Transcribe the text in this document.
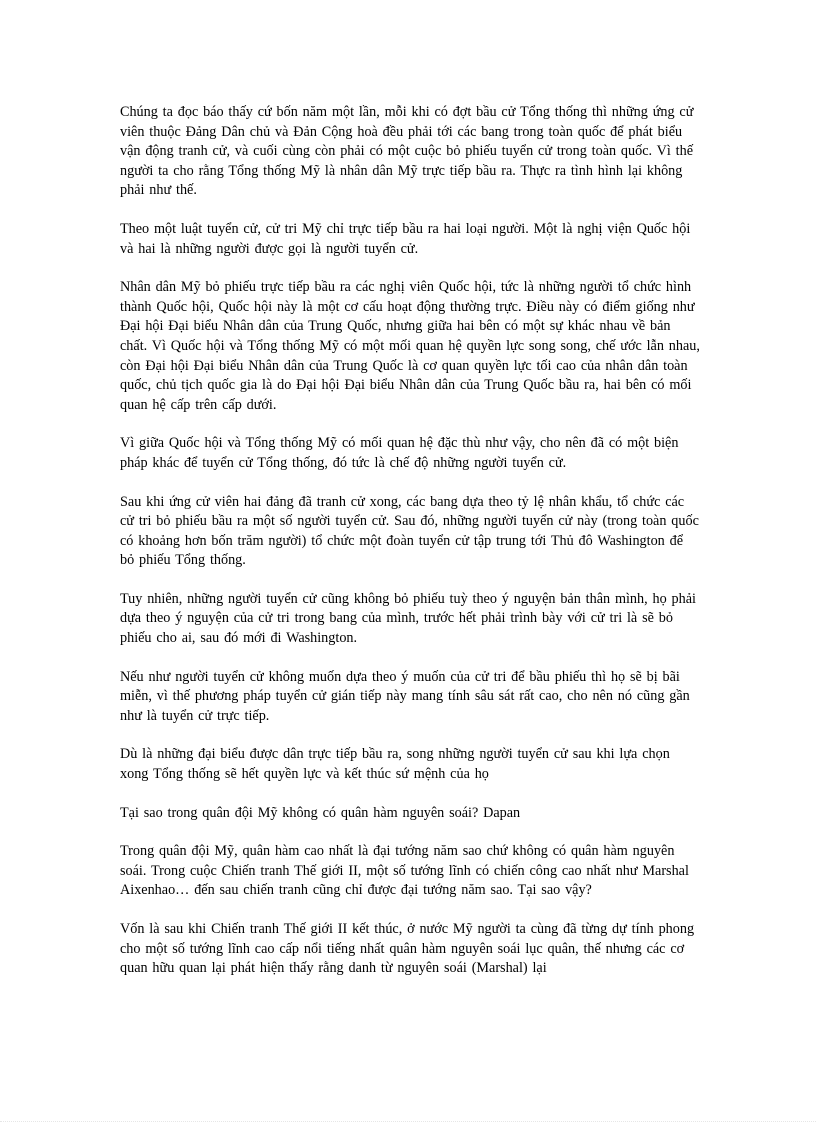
Chúng ta đọc báo thấy cứ bốn năm một lần, mỗi khi có đợt bầu cử Tổng thống thì những ứng cử viên thuộc Đảng Dân chủ và Đản Cộng hoà đều phải tới các bang trong toàn quốc để phát biểu vận động tranh cử, và cuối cùng còn phải có một cuộc bỏ phiếu tuyển cử trong toàn quốc. Vì thế người ta cho rằng Tổng thống Mỹ là nhân dân Mỹ trực tiếp bầu ra. Thực ra tình hình lại không phải như thế.

Theo một luật tuyển cử, cử tri Mỹ chỉ trực tiếp bầu ra hai loại người. Một là nghị viện Quốc hội và hai là những người được gọi là người tuyển cử.

Nhân dân Mỹ bỏ phiếu trực tiếp bầu ra các nghị viên Quốc hội, tức là những người tổ chức hình thành Quốc hội, Quốc hội này là một cơ cấu hoạt động thường trực. Điều này có điểm giống như Đại hội Đại biểu Nhân dân của Trung Quốc, nhưng giữa hai bên có một sự khác nhau về bản chất. Vì Quốc hội và Tổng thống Mỹ có một mối quan hệ quyền lực song song, chế ước lẫn nhau, còn Đại hội Đại biểu Nhân dân của Trung Quốc là cơ quan quyền lực tối cao của nhân dân toàn quốc, chủ tịch quốc gia là do Đại hội Đại biểu Nhân dân của Trung Quốc bầu ra, hai bên có mối quan hệ cấp trên cấp dưới.

Vì giữa Quốc hội và Tổng thống Mỹ có mối quan hệ đặc thù như vậy, cho nên đã có một biện pháp khác để tuyển cử Tổng thống, đó tức là chế độ những người tuyển cử.

Sau khi ứng cử viên hai đảng đã tranh cử xong, các bang dựa theo tỷ lệ nhân khẩu, tổ chức các cử tri bỏ phiếu bầu ra một số người tuyển cử. Sau đó, những người tuyển cử này (trong toàn quốc có khoảng hơn bốn trăm người) tổ chức một đoàn tuyển cử tập trung tới Thủ đô Washington để bỏ phiếu Tổng thống.

Tuy nhiên, những người tuyển cử cũng không bỏ phiếu tuỳ theo ý nguyện bản thân mình, họ phải dựa theo ý nguyện của cử tri trong bang của mình, trước hết phải trình bày với cử tri là sẽ bỏ phiếu cho ai, sau đó mới đi Washington.

Nếu như người tuyển cử không muốn dựa theo ý muốn của cử tri để bầu phiếu thì họ sẽ bị bãi miễn, vì thế phương pháp tuyển cử gián tiếp này mang tính sâu sát rất cao, cho nên nó cũng gần như là tuyển cử trực tiếp.

Dù là những đại biểu được dân trực tiếp bầu ra, song những người tuyển cử sau khi lựa chọn xong Tổng thống sẽ hết quyền lực và kết thúc sứ mệnh của họ

Tại sao trong quân đội Mỹ không có quân hàm nguyên soái? Dapan

Trong quân đội Mỹ, quân hàm cao nhất là đại tướng năm sao chứ không có quân hàm nguyên soái. Trong cuộc Chiến tranh Thế giới II, một số tướng lĩnh có chiến công cao nhất như Marshal Aixenhao… đến sau chiến tranh cũng chỉ được đại tướng năm sao. Tại sao vậy?

Vốn là sau khi Chiến tranh Thế giới II kết thúc, ở nước Mỹ người ta cùng đã từng dự tính phong cho một số tướng lĩnh cao cấp nổi tiếng nhất quân hàm nguyên soái lục quân, thế nhưng các cơ quan hữu quan lại phát hiện thấy rằng danh từ nguyên soái (Marshal) lại
